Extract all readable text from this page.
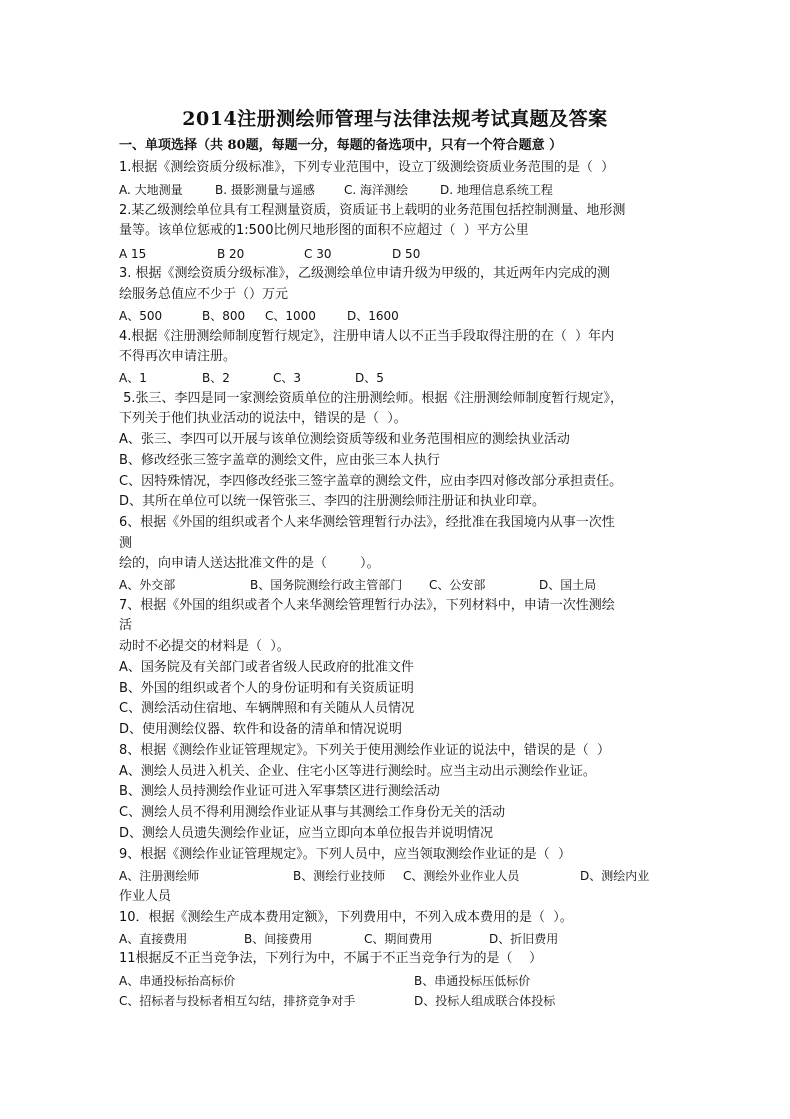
2014注册测绘师管理与法律法规考试真题及答案
一、单项选择（共 80题，每题一分，每题的备选项中，只有一个符合题意 ）
1.根据《测绘资质分级标准》，下列专业范围中，设立丁级测绘资质业务范围的是（  ）
A. 大地测量	B. 摄影测量与遥感 C. 海洋测绘	D. 地理信息系统工程
2.某乙级测绘单位具有工程测量资质，资质证书上载明的业务范围包括控制测量、地形测
量等。该单位惩戒的1:500比例尺地形图的面积不应超过（  ）平方公里
A 15	B 20	C 30	D 50
3. 根据《测绘资质分级标准》，乙级测绘单位申请升级为甲级的，其近两年内完成的测
绘服务总值应不少于（）万元
A、500	B、800 C、1000	D、1600
4.根据《注册测绘师制度暂行规定》，注册申请人以不正当手段取得注册的在（  ）年内
不得再次申请注册。
A、1	B、2	C、3	D、5
5.张三、李四是同一家测绘资质单位的注册测绘师。根据《注册测绘师制度暂行规定》，
下列关于他们执业活动的说法中，错误的是（  ）。
A、张三、李四可以开展与该单位测绘资质等级和业务范围相应的测绘执业活动
B、修改经张三签字盖章的测绘文件，应由张三本人执行
C、因特殊情况，李四修改经张三签字盖章的测绘文件，应由李四对修改部分承担责任。
D、其所在单位可以统一保管张三、李四的注册测绘师注册证和执业印章。
6、根据《外国的组织或者个人来华测绘管理暂行办法》，经批准在我国境内从事一次性
测
绘的，向申请人送达批准文件的是（        ）。
A、外交部	B、国务院测绘行政主管部门 C、公安部	D、国土局
7、根据《外国的组织或者个人来华测绘管理暂行办法》，下列材料中，申请一次性测绘
活
动时不必提交的材料是（  ）。
A、国务院及有关部门或者省级人民政府的批准文件
B、外国的组织或者个人的身份证明和有关资质证明
C、测绘活动住宿地、车辆牌照和有关随从人员情况
D、使用测绘仪器、软件和设备的清单和情况说明
8、根据《测绘作业证管理规定》。下列关于使用测绘作业证的说法中，错误的是（  ）
A、测绘人员进入机关、企业、住宅小区等进行测绘时。应当主动出示测绘作业证。
B、测绘人员持测绘作业证可进入军事禁区进行测绘活动
C、测绘人员不得利用测绘作业证从事与其测绘工作身份无关的活动
D、测绘人员遗失测绘作业证，应当立即向本单位报告并说明情况
9、根据《测绘作业证管理规定》。下列人员中，应当领取测绘作业证的是（  ）
A、注册测绘师	B、测绘行业技师 C、测绘外业作业人员	D、测绘内业
作业人员
10．根据《测绘生产成本费用定额》，下列费用中，不列入成本费用的是（  ）。
A、直接费用	B、间接费用	C、期间费用	D、折旧费用
11根据反不正当竞争法，下列行为中，不属于不正当竞争行为的是（    ）
A、串通投标抬高标价	B、串通投标压低标价
C、招标者与投标者相互勾结，排挤竞争对手	D、投标人组成联合体投标
